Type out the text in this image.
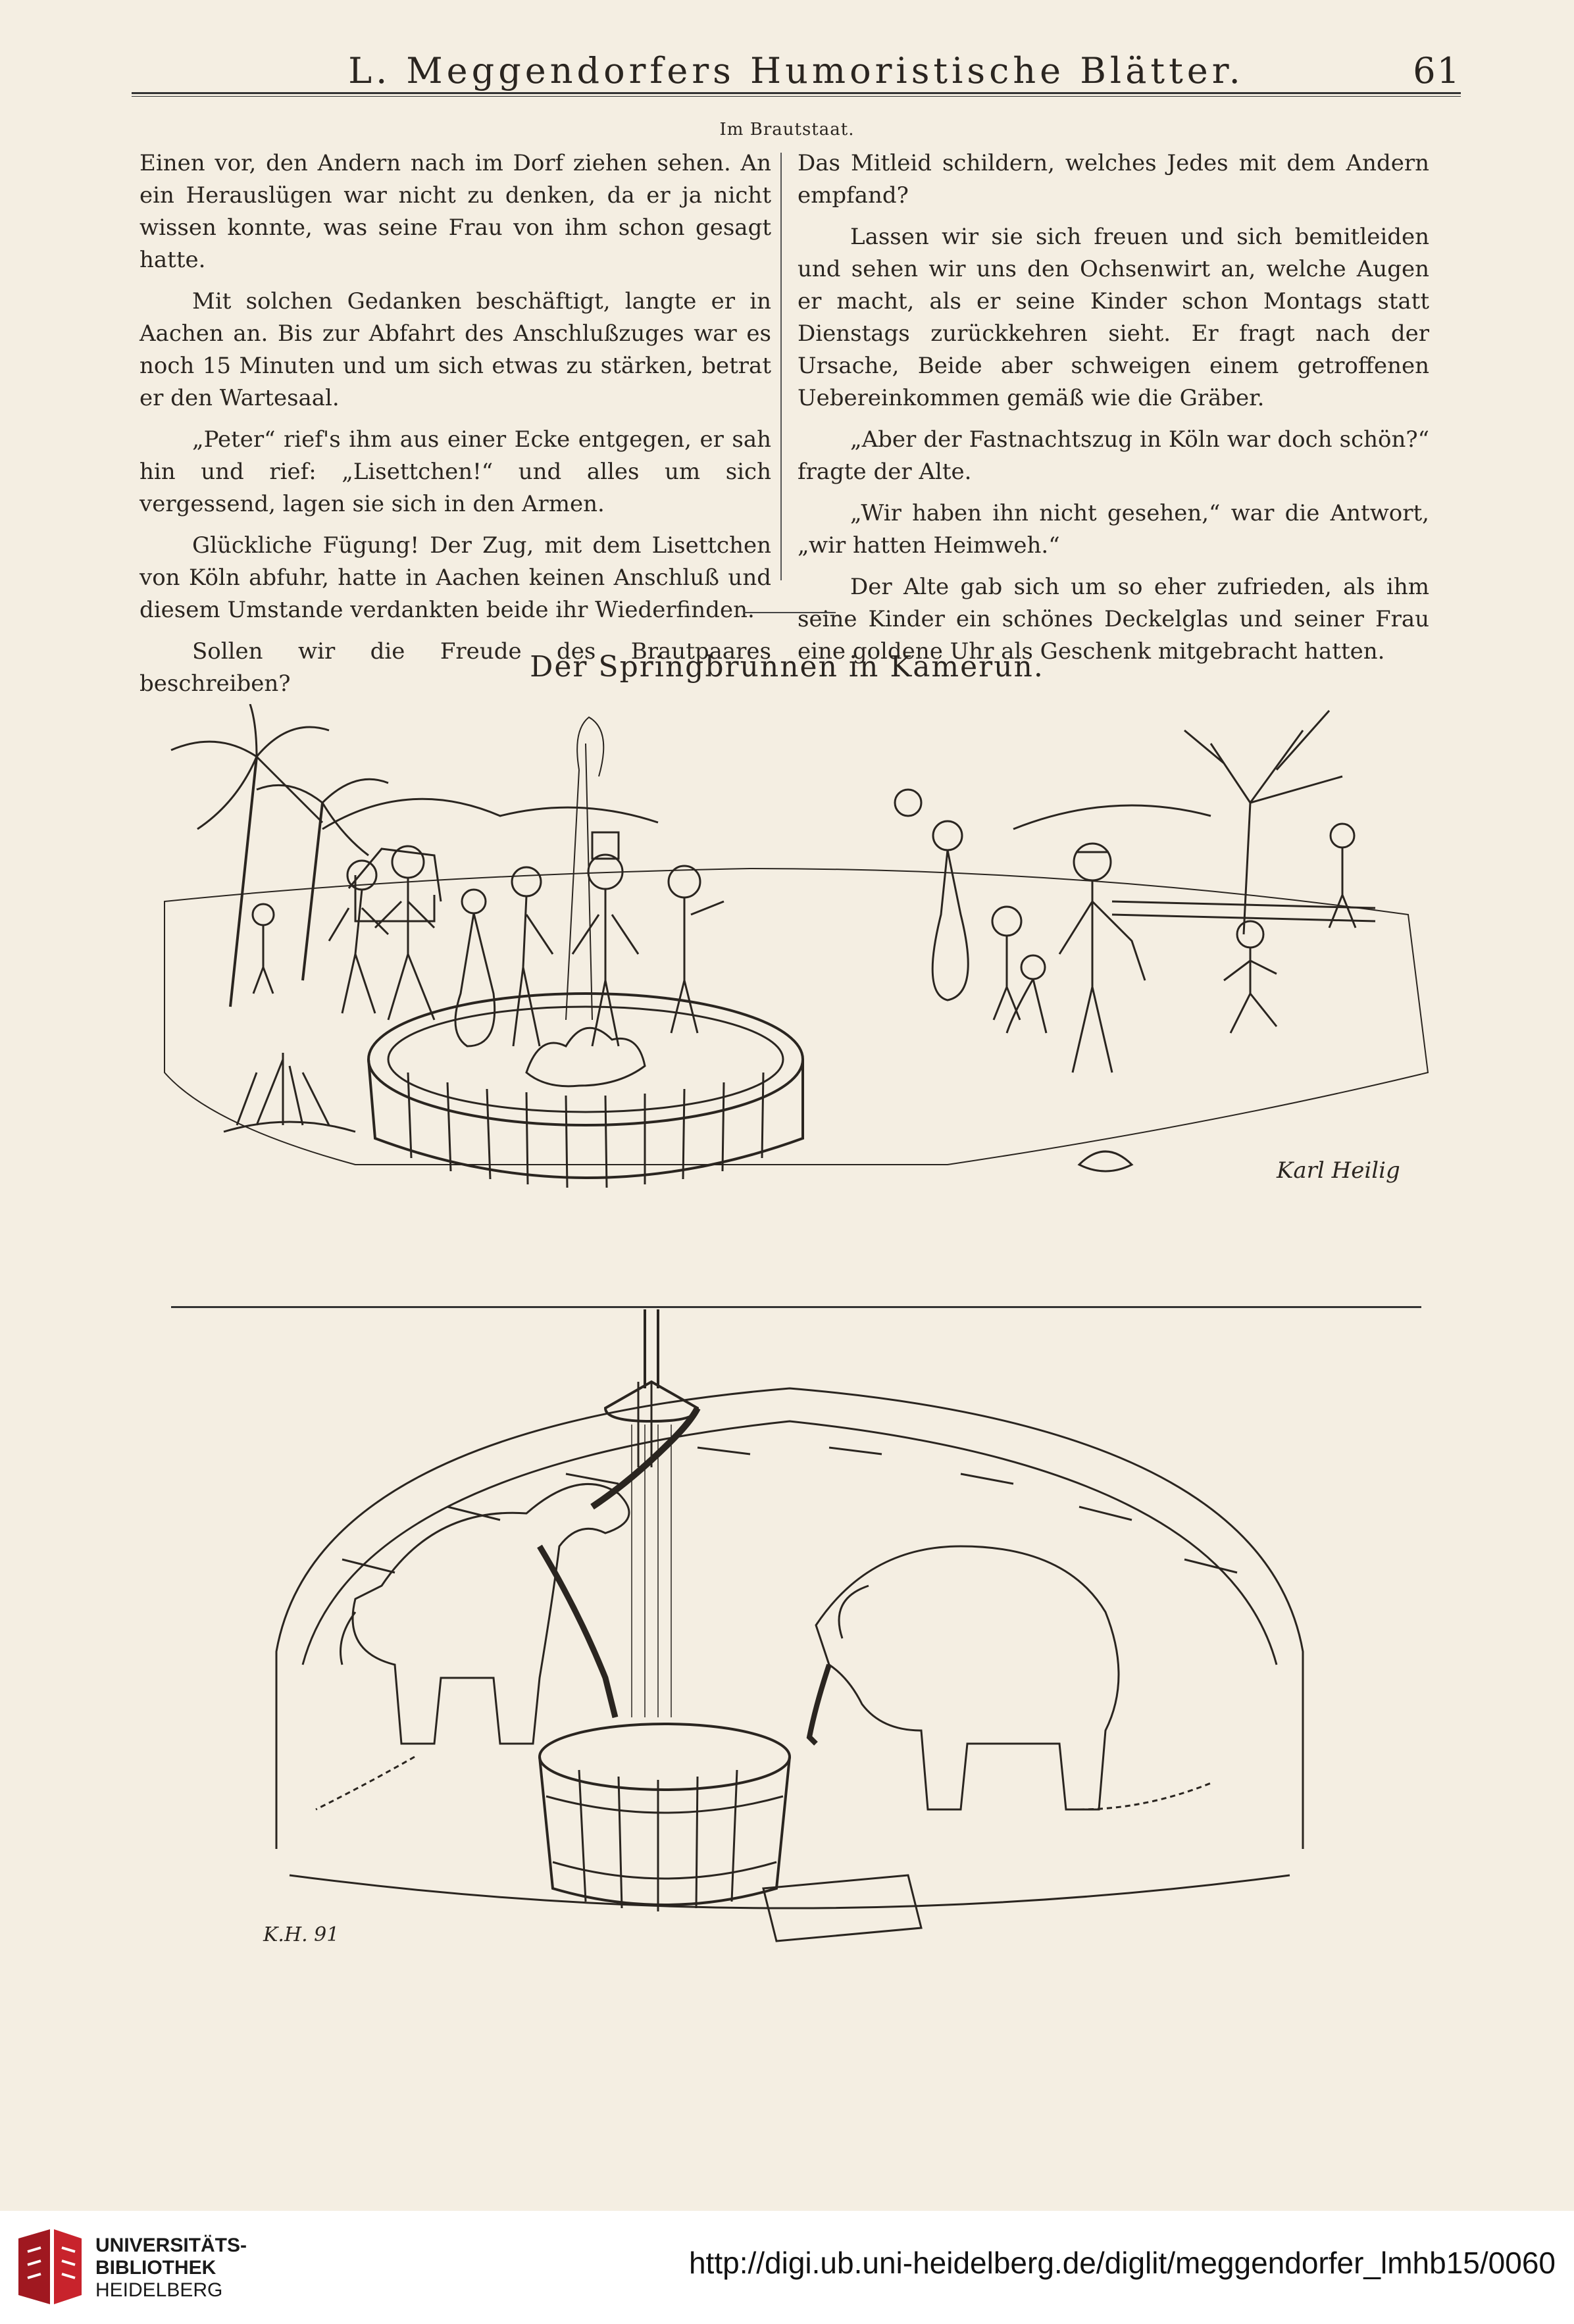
L. Meggendorfers Humoristische Blätter.	61
Im Brautstaat.

Einen vor, den Andern nach im Dorf ziehen sehen. An ein Herauslügen war nicht zu denken, da er ja nicht wissen konnte, was seine Frau von ihm schon gesagt hatte.

Mit solchen Gedanken beschäftigt, langte er in Aachen an. Bis zur Abfahrt des Anschlußzuges war es noch 15 Minuten und um sich etwas zu stärken, betrat er den Wartesaal.

„Peter“ rief's ihm aus einer Ecke entgegen, er sah hin und rief: „Lisettchen!“ und alles um sich vergessend, lagen sie sich in den Armen.

Glückliche Fügung! Der Zug, mit dem Lisettchen von Köln abfuhr, hatte in Aachen keinen Anschluß und diesem Umstande verdankten beide ihr Wiederfinden.

Sollen wir die Freude des Brautpaares beschreiben?

Das Mitleid schildern, welches Jedes mit dem Andern empfand?

Lassen wir sie sich freuen und sich bemitleiden und sehen wir uns den Ochsenwirt an, welche Augen er macht, als er seine Kinder schon Montags statt Dienstags zurückkehren sieht. Er fragt nach der Ursache, Beide aber schweigen einem getroffenen Uebereinkommen gemäß wie die Gräber.

„Aber der Fastnachtszug in Köln war doch schön?“ fragte der Alte.

„Wir haben ihn nicht gesehen,“ war die Antwort, „wir hatten Heimweh.“

Der Alte gab sich um so eher zufrieden, als ihm seine Kinder ein schönes Deckelglas und seiner Frau eine goldene Uhr als Geschenk mitgebracht hatten.

Der Springbrunnen in Kamerun.
Karl Heilig
K.H. 91
UNIVERSITÄTS-
BIBLIOTHEK
HEIDELBERG
http://digi.ub.uni-heidelberg.de/diglit/meggendorfer_lmhb15/0060
